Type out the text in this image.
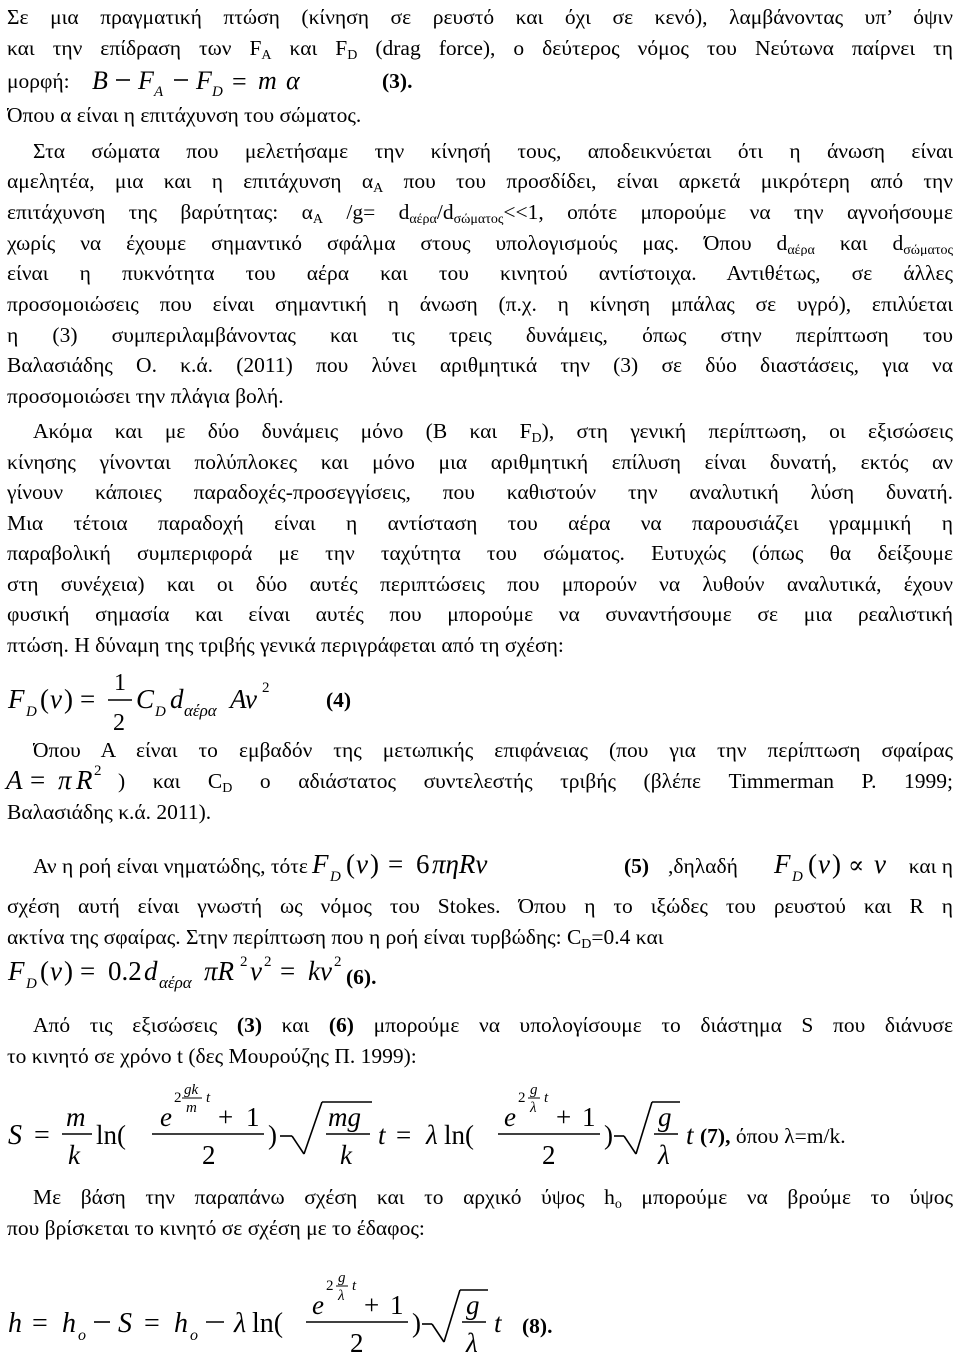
Σε μια πραγματική πτώση (κίνηση σε ρευστό και όχι σε κενό), λαμβάνοντας υπ’ όψιν
και την επίδραση των $F_A$ και $F_D$ (drag force), ο δεύτερος νόμος του Νεύτωνα παίρνει τη
μορφή: B F A F D = m α	(3).
Όπου α είναι η επιτάχυνση του σώματος.
Στα σώματα που μελετήσαμε την κίνησή τους, αποδεικνύεται ότι η άνωση είναι
αμελητέα, μια και η επιτάχυνση $\alpha_A$ που του προσδίδει, είναι αρκετά μικρότερη από την
επιτάχυνση της βαρύτητας: $\alpha_A$ $/g= d_{\alpha έ\rho\alpha}/d_{\sigma ώ\mu\alpha\tau o\varsigma}<<1$, οπότε μπορούμε να την αγνοήσουμε
χωρίς να έχουμε σημαντικό σφάλμα στους υπολογισμούς μας. Όπου $d_{\alpha έ\rho\alpha}$ και $d_{\sigma ώ\mu\alpha\tau o\varsigma}$
είναι η πυκνότητα του αέρα και του κινητού αντίστοιχα. Αντιθέτως, σε άλλες
προσομοιώσεις που είναι σημαντική η άνωση (π.χ. η κίνηση μπάλας σε υγρό), επιλύεται
η (3) συμπεριλαμβάνοντας και τις τρεις δυνάμεις, όπως στην περίπτωση του
Βαλασιάδης Ο. κ.ά. (2011) που λύνει αριθμητικά την (3) σε δύο διαστάσεις, για να
προσομοιώσει την πλάγια βολή.
Ακόμα και με δύο δυνάμεις μόνο (B και $F_D$), στη γενική περίπτωση, οι εξισώσεις
κίνησης γίνονται πολύπλοκες και μόνο μια αριθμητική επίλυση είναι δυνατή, εκτός αν
γίνουν κάποιες παραδοχές-προσεγγίσεις, που καθιστούν την αναλυτική λύση δυνατή.
Μια τέτοια παραδοχή είναι η αντίσταση του αέρα να παρουσιάζει γραμμική η
παραβολική συμπεριφορά με την ταχύτητα του σώματος. Ευτυχώς (όπως θα δείξουμε
στη συνέχεια) και οι δύο αυτές περιπτώσεις που μπορούν να λυθούν αναλυτικά, έχουν
φυσική σημασία και είναι αυτές που μπορούμε να συναντήσουμε σε μια ρεαλιστική
πτώση. Η δύναμη της τριβής γενικά περιγράφεται από τη σχέση:
F D ( v ) =
1
2
C D d αέρα Av 2	(4)
Όπου Α είναι το εμβαδόν της μετωπικής επιφάνειας (που για την περίπτωση σφαίρας
A = π R 2 ) και $C_D$ ο αδιάστατος συντελεστής τριβής (βλέπε Timmerman P. 1999;
Βαλασιάδης κ.ά. 2011).
Αν η ροή είναι νηματώδης, τότε F D ( v ) = 6 πηRv	(5) ,δηλαδή	F D ( v ) ∝ v	και η
σχέση αυτή είναι γνωστή ως νόμος του Stokes. Όπου η το ιξώδες του ρευστού και R η
ακτίνα της σφαίρας. Στην περίπτωση που η ροή είναι τυρβώδης: $C_D=0.4$ και
F D ( v ) = 0.2 d αέρα πR 2 v 2 = kv 2
(6).
Από τις εξισώσεις (3) και (6) μπορούμε να υπολογίσουμε το διάστημα S που διάνυσε
το κινητό σε χρόνο t (δες Μουρούζης Π. 1999):
S =
m
k
ln(
e
2 gk
m
t
+ 1
2
)
mg
k
t = λ ln(
e
2 g
λ
t
+ 1
2
)
g
λ
t (7), όπου λ=m/k.
Με βάση την παραπάνω σχέση και το αρχικό ύψος $h_o$ μπορούμε να βρούμε το ύψος
που βρίσκεται το κινητό σε σχέση με το έδαφος:
h = h o S = h o λ ln(
e
2 g
λ
t
+ 1
2
)
g
λ
t (8).
